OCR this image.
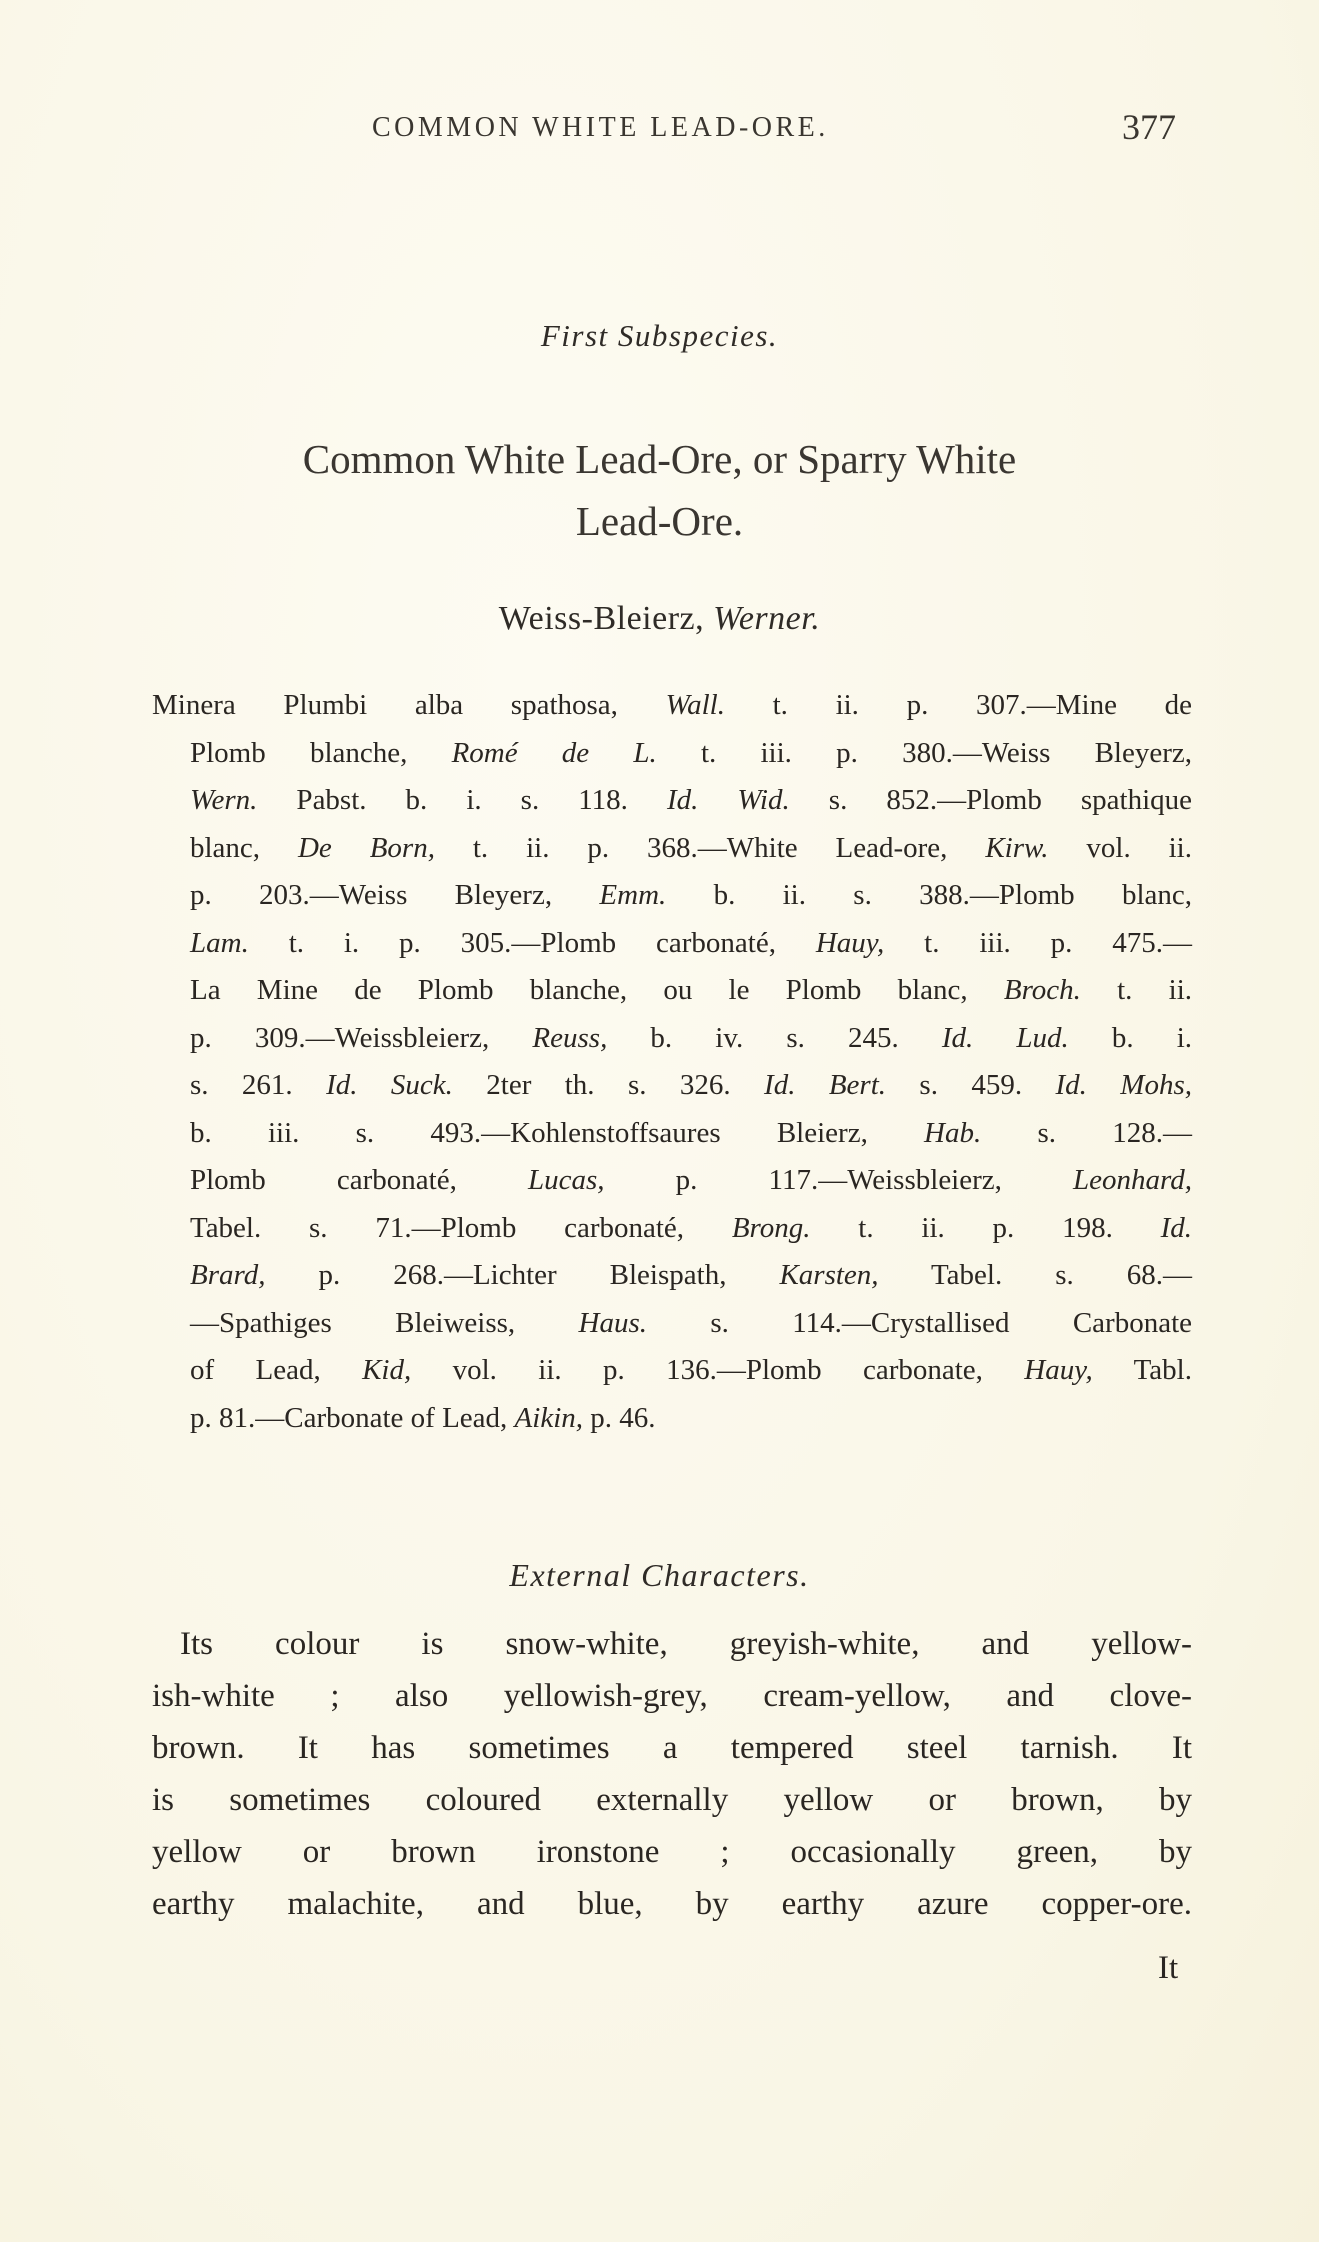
COMMON WHITE LEAD-ORE.	377
First Subspecies.
Common White Lead-Ore, or Sparry White
Lead-Ore.
Weiss-Bleierz, Werner.
Minera Plumbi alba spathosa, Wall. t. ii. p. 307.—Mine de
Plomb blanche, Romé de L. t. iii. p. 380.—Weiss Bleyerz,
Wern. Pabst. b. i. s. 118. Id. Wid. s. 852.—Plomb spathique
blanc, De Born, t. ii. p. 368.—White Lead-ore, Kirw. vol. ii.
p. 203.—Weiss Bleyerz, Emm. b. ii. s. 388.—Plomb blanc,
Lam. t. i. p. 305.—Plomb carbonaté, Hauy, t. iii. p. 475.—
La Mine de Plomb blanche, ou le Plomb blanc, Broch. t. ii.
p. 309.—Weissbleierz, Reuss, b. iv. s. 245. Id. Lud. b. i.
s. 261. Id. Suck. 2ter th. s. 326. Id. Bert. s. 459. Id. Mohs,
b. iii. s. 493.—Kohlenstoffsaures Bleierz, Hab. s. 128.—
Plomb carbonaté, Lucas, p. 117.—Weissbleierz, Leonhard,
Tabel. s. 71.—Plomb carbonaté, Brong. t. ii. p. 198. Id.
Brard, p. 268.—Lichter Bleispath, Karsten, Tabel. s. 68.—
—Spathiges Bleiweiss, Haus. s. 114.—Crystallised Carbonate
of Lead, Kid, vol. ii. p. 136.—Plomb carbonate, Hauy, Tabl.
p. 81.—Carbonate of Lead, Aikin, p. 46.
External Characters.
Its colour is snow-white, greyish-white, and yellow-
ish-white ; also yellowish-grey, cream-yellow, and clove-
brown. It has sometimes a tempered steel tarnish. It
is sometimes coloured externally yellow or brown, by
yellow or brown ironstone ; occasionally green, by
earthy malachite, and blue, by earthy azure copper-ore.
It
